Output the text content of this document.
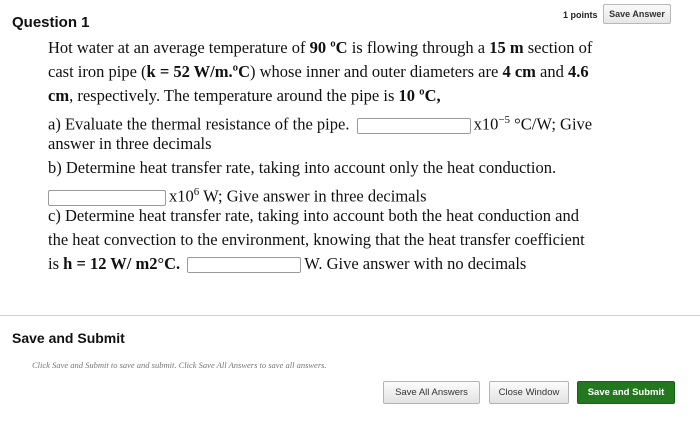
Question 1	1 points	Save Answer
Hot water at an average temperature of 90 ºC is flowing through a 15 m section of
cast iron pipe (k = 52 W/m.ºC) whose inner and outer diameters are 4 cm and 4.6
cm, respectively. The temperature around the pipe is 10 ºC,
a) Evaluate the thermal resistance of the pipe.	$x10^{-5}$ °C/W; Give
answer in three decimals
b) Determine heat transfer rate, taking into account only the heat conduction.
$x10^6$ W; Give answer in three decimals
c) Determine heat transfer rate, taking into account both the heat conduction and
the heat convection to the environment, knowing that the heat transfer coefficient
is h = 12 W/ m2°C.	W. Give answer with no decimals
Save and Submit
Click Save and Submit to save and submit. Click Save All Answers to save all answers.
Save All Answers	Close Window	Save and Submit
